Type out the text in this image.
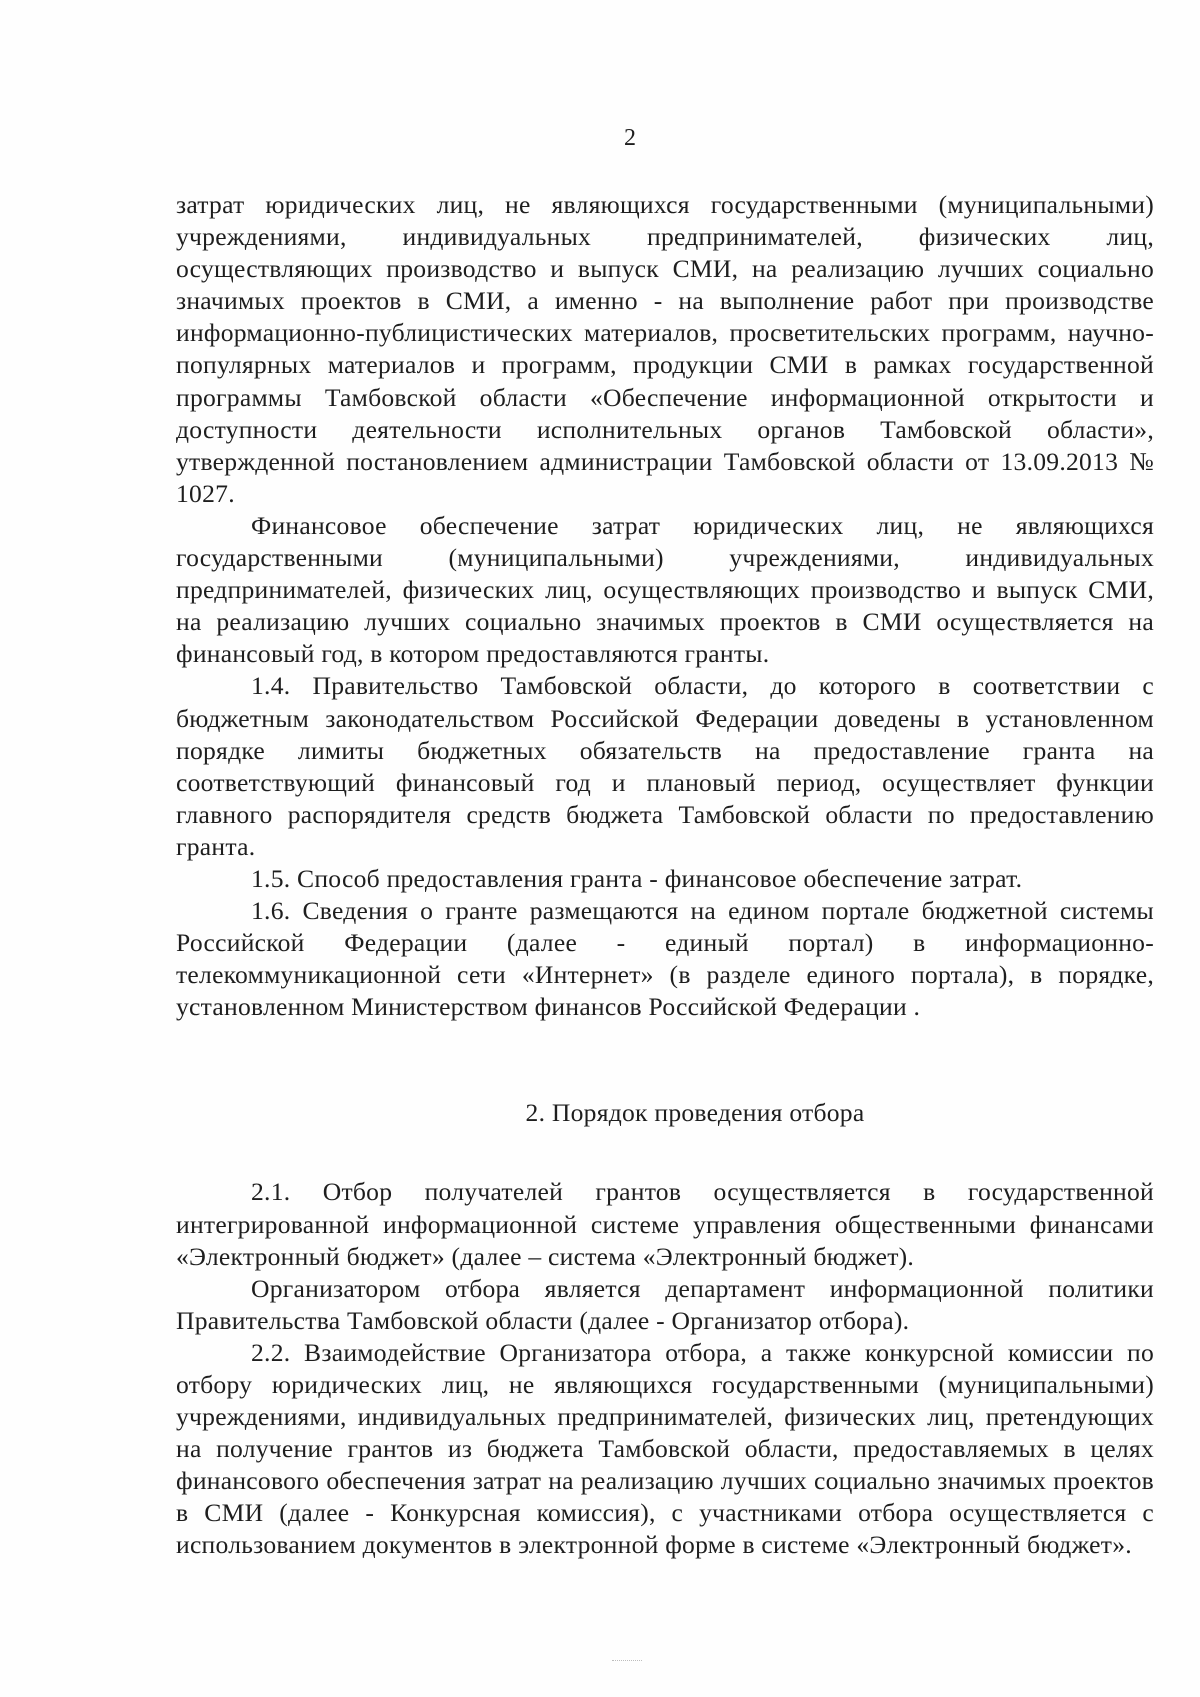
2

затрат юридических лиц, не являющихся государственными (муниципальными) учреждениями, индивидуальных предпринимателей, физических лиц, осуществляющих производство и выпуск СМИ, на реализацию лучших социально значимых проектов в СМИ, а именно - на выполнение работ при производстве информационно-публицистических материалов, просветительских программ, научно-популярных материалов и программ, продукции СМИ в рамках государственной программы Тамбовской области «Обеспечение информационной открытости и доступности деятельности исполнительных органов Тамбовской области», утвержденной постановлением администрации Тамбовской области от 13.09.2013 № 1027.

Финансовое обеспечение затрат юридических лиц, не являющихся государственными (муниципальными) учреждениями, индивидуальных предпринимателей, физических лиц, осуществляющих производство и выпуск СМИ, на реализацию лучших социально значимых проектов в СМИ осуществляется на финансовый год, в котором предоставляются гранты.

1.4. Правительство Тамбовской области, до которого в соответствии с бюджетным законодательством Российской Федерации доведены в установленном порядке лимиты бюджетных обязательств на предоставление гранта на соответствующий финансовый год и плановый период, осуществляет функции главного распорядителя средств бюджета Тамбовской области по предоставлению гранта.

1.5. Способ предоставления гранта - финансовое обеспечение затрат.

1.6. Сведения о гранте размещаются на едином портале бюджетной системы Российской Федерации (далее - единый портал) в информационно-телекоммуникационной сети «Интернет» (в разделе единого портала), в порядке, установленном Министерством финансов Российской Федерации .

2. Порядок проведения отбора

2.1. Отбор получателей грантов осуществляется в государственной интегрированной информационной системе управления общественными финансами «Электронный бюджет» (далее – система «Электронный бюджет).

Организатором отбора является департамент информационной политики Правительства Тамбовской области (далее - Организатор отбора).

2.2. Взаимодействие Организатора отбора, а также конкурсной комиссии по отбору юридических лиц, не являющихся государственными (муниципальными) учреждениями, индивидуальных предпринимателей, физических лиц, претендующих на получение грантов из бюджета Тамбовской области, предоставляемых в целях финансового обеспечения затрат на реализацию лучших социально значимых проектов в СМИ (далее - Конкурсная комиссия), с участниками отбора осуществляется с использованием документов в электронной форме в системе «Электронный бюджет».
